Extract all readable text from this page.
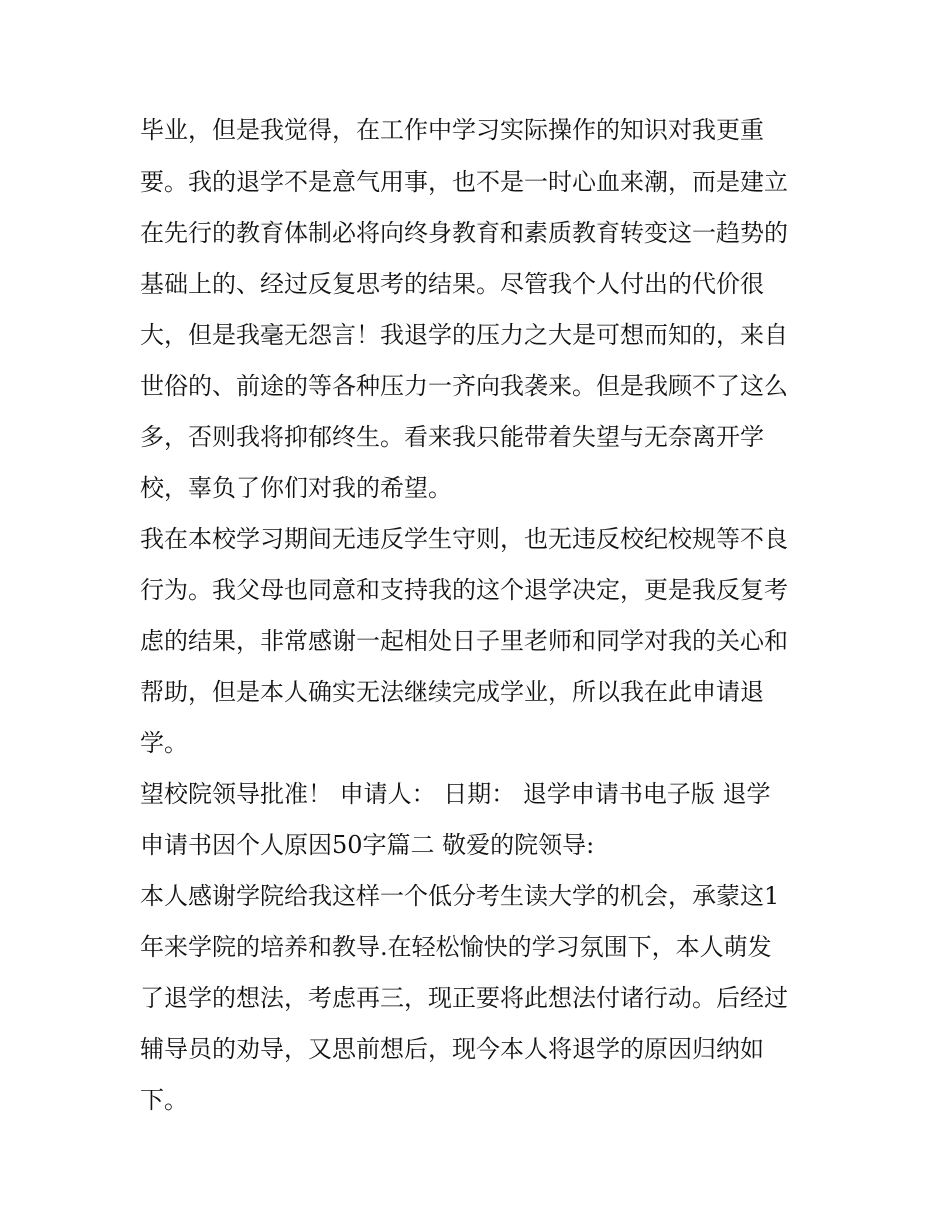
毕业，但是我觉得，在工作中学习实际操作的知识对我更重
要。我的退学不是意气用事，也不是一时心血来潮，而是建立
在先行的教育体制必将向终身教育和素质教育转变这一趋势的
基础上的、经过反复思考的结果。尽管我个人付出的代价很
大，但是我毫无怨言！我退学的压力之大是可想而知的，来自
世俗的、前途的等各种压力一齐向我袭来。但是我顾不了这么
多，否则我将抑郁终生。看来我只能带着失望与无奈离开学
校，辜负了你们对我的希望。
我在本校学习期间无违反学生守则，也无违反校纪校规等不良
行为。我父母也同意和支持我的这个退学决定，更是我反复考
虑的结果，非常感谢一起相处日子里老师和同学对我的关心和
帮助，但是本人确实无法继续完成学业，所以我在此申请退
学。
望校院领导批准！ 申请人： 日期： 退学申请书电子版 退学
申请书因个人原因50字篇二 敬爱的院领导:
本人感谢学院给我这样一个低分考生读大学的机会，承蒙这1
年来学院的培养和教导.在轻松愉快的学习氛围下，本人萌发
了退学的想法，考虑再三，现正要将此想法付诸行动。后经过
辅导员的劝导，又思前想后，现今本人将退学的原因归纳如
下。
